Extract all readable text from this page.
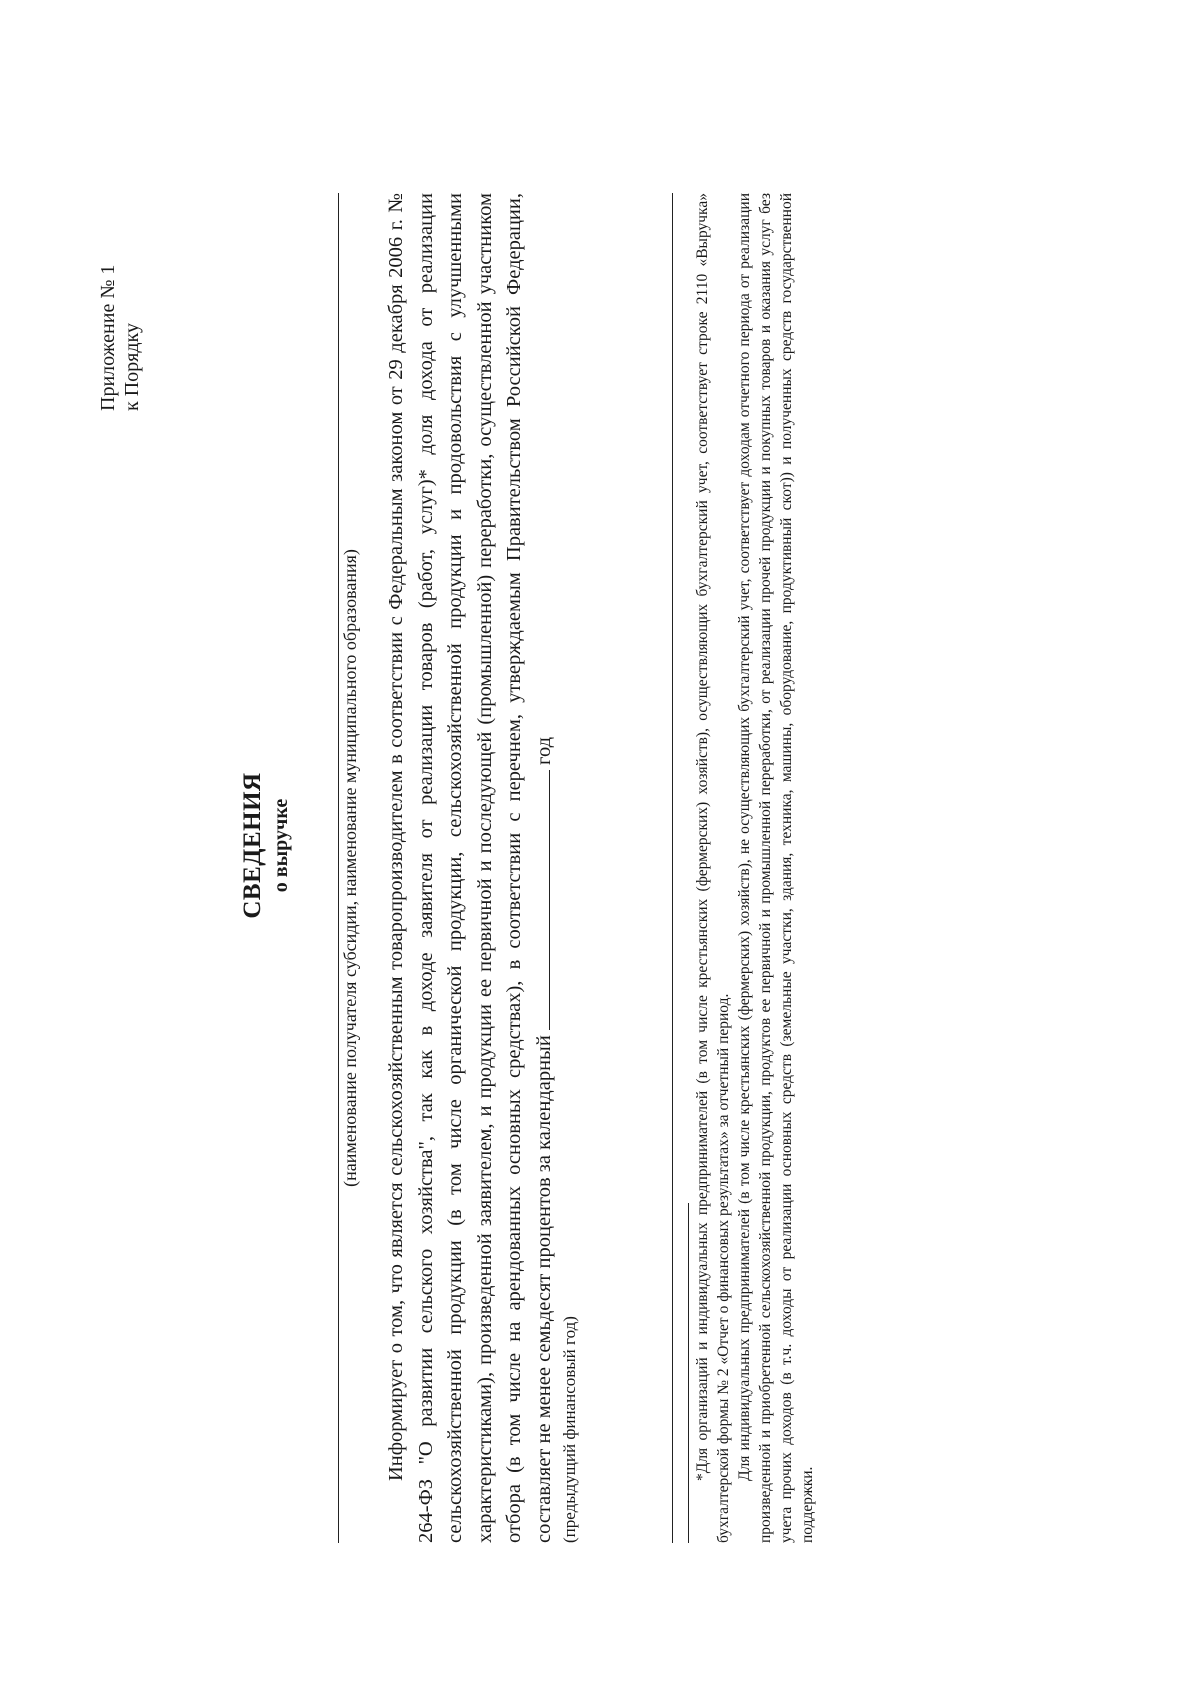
Приложение № 1 к Порядку
СВЕДЕНИЯ о выручке	(наименование получателя субсидии, наименование муниципального образования) Информирует о том, что является сельскохозяйственным товаропроизводителем в соответствии с Федеральным законом от 29 декабря 2006 г. № 264-ФЗ "О развитии сельского хозяйства", так как в доходе заявителя от реализации товаров (работ, услуг)* доля дохода от реализации сельскохозяйственной продукции (в том числе органической продукции, сельскохозяйственной продукции и продовольствия с улучшенными характеристиками), произведенной заявителем, и продукции ее первичной и последующей (промышленной) переработки, осуществленной участником отбора (в том числе на арендованных основных средствах), в соответствии с перечнем, утверждаемым Правительством Российской Федерации, составляет не менее семьдесят процентов за календарный  год

(предыдущий финансовый год)	*Для организаций и индивидуальных предпринимателей (в том числе крестьянских (фермерских) хозяйств), осуществляющих бухгалтерский учет, соответствует строке 2110 «Выручка» бухгалтерской формы № 2 «Отчет о финансовых результатах» за отчетный период. Для индивидуальных предпринимателей (в том числе крестьянских (фермерских) хозяйств), не осуществляющих бухгалтерский учет, соответствует доходам отчетного периода от реализации произведенной и приобретенной сельскохозяйственной продукции, продуктов ее первичной и промышленной переработки, от реализации прочей продукции и покупных товаров и оказания услуг без учета прочих доходов (в т.ч. доходы от реализации основных средств (земельные участки, здания, техника, машины, оборудование, продуктивный скот)) и полученных средств государственной поддержки.
